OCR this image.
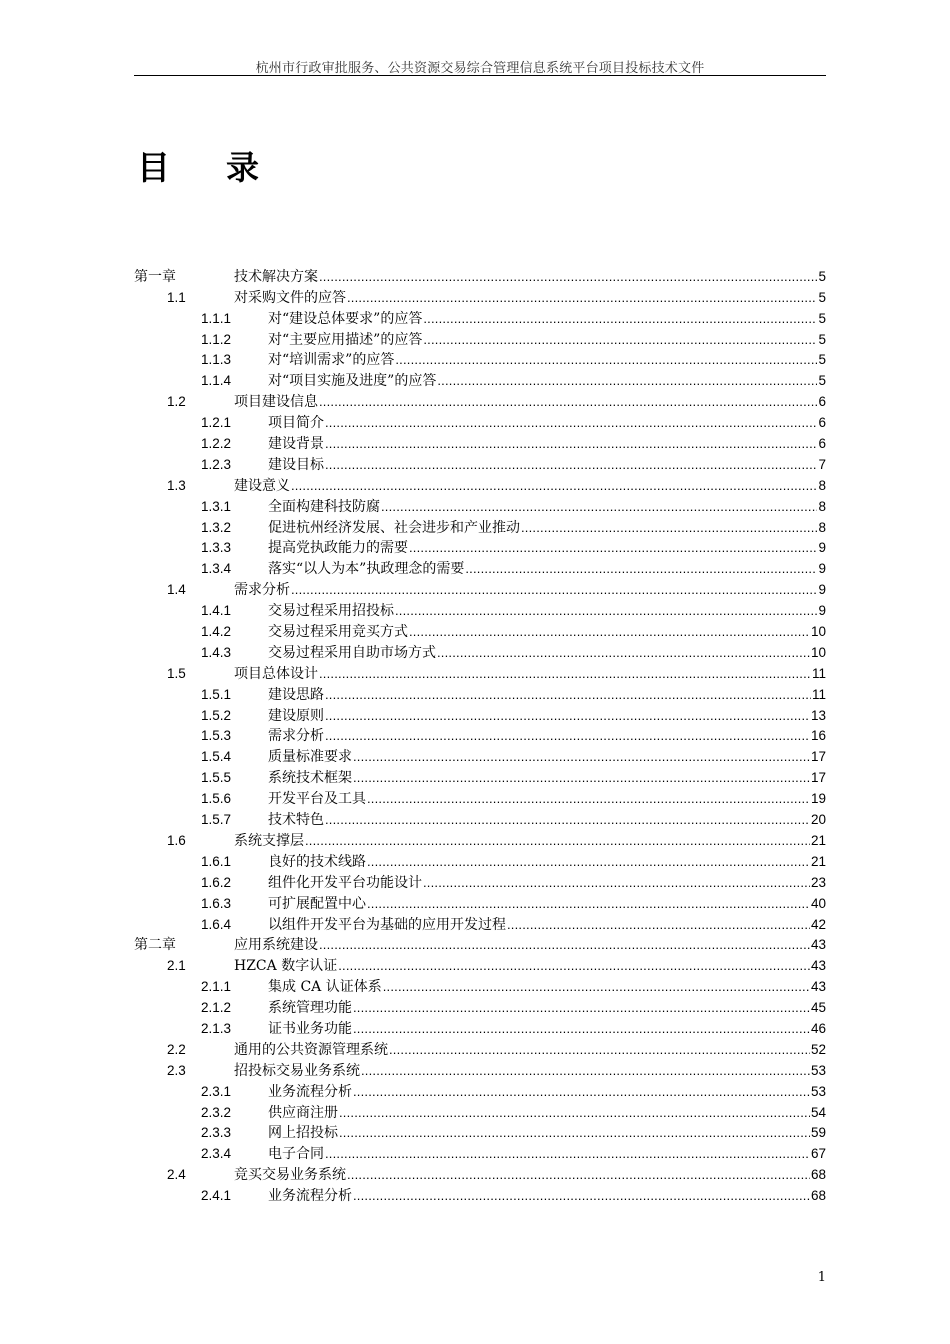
杭州市行政审批服务、公共资源交易综合管理信息系统平台项目投标技术文件
目 录
第一章	技术解决方案 .....	5
1.1	对采购文件的应答 .....	5
1.1.1	对“建设总体要求”的应答 .....	5
1.1.2	对“主要应用描述”的应答 .....	5
1.1.3	对“培训需求”的应答 .....	5
1.1.4	对“项目实施及进度”的应答 .....	5
1.2	项目建设信息 .....	6
1.2.1	项目简介 .....	6
1.2.2	建设背景 .....	6
1.2.3	建设目标 .....	7
1.3	建设意义 .....	8
1.3.1	全面构建科技防腐 .....	8
1.3.2	促进杭州经济发展、社会进步和产业推动 .....	8
1.3.3	提高党执政能力的需要 .....	9
1.3.4	落实“以人为本”执政理念的需要 .....	9
1.4	需求分析 .....	9
1.4.1	交易过程采用招投标 .....	9
1.4.2	交易过程采用竞买方式 .....	10
1.4.3	交易过程采用自助市场方式 .....	10
1.5	项目总体设计 .....	11
1.5.1	建设思路 .....	11
1.5.2	建设原则 .....	13
1.5.3	需求分析 .....	16
1.5.4	质量标准要求 .....	17
1.5.5	系统技术框架 .....	17
1.5.6	开发平台及工具 .....	19
1.5.7	技术特色 .....	20
1.6	系统支撑层 .....	21
1.6.1	良好的技术线路 .....	21
1.6.2	组件化开发平台功能设计 .....	23
1.6.3	可扩展配置中心 .....	40
1.6.4	以组件开发平台为基础的应用开发过程 .....	42
第二章	应用系统建设 .....	43
2.1	HZCA 数字认证 .....	43
2.1.1	集成 CA 认证体系 .....	43
2.1.2	系统管理功能 .....	45
2.1.3	证书业务功能 .....	46
2.2	通用的公共资源管理系统 .....	52
2.3	招投标交易业务系统 .....	53
2.3.1	业务流程分析 .....	53
2.3.2	供应商注册 .....	54
2.3.3	网上招投标 .....	59
2.3.4	电子合同 .....	67
2.4	竞买交易业务系统 .....	68
2.4.1	业务流程分析 .....	68
1
